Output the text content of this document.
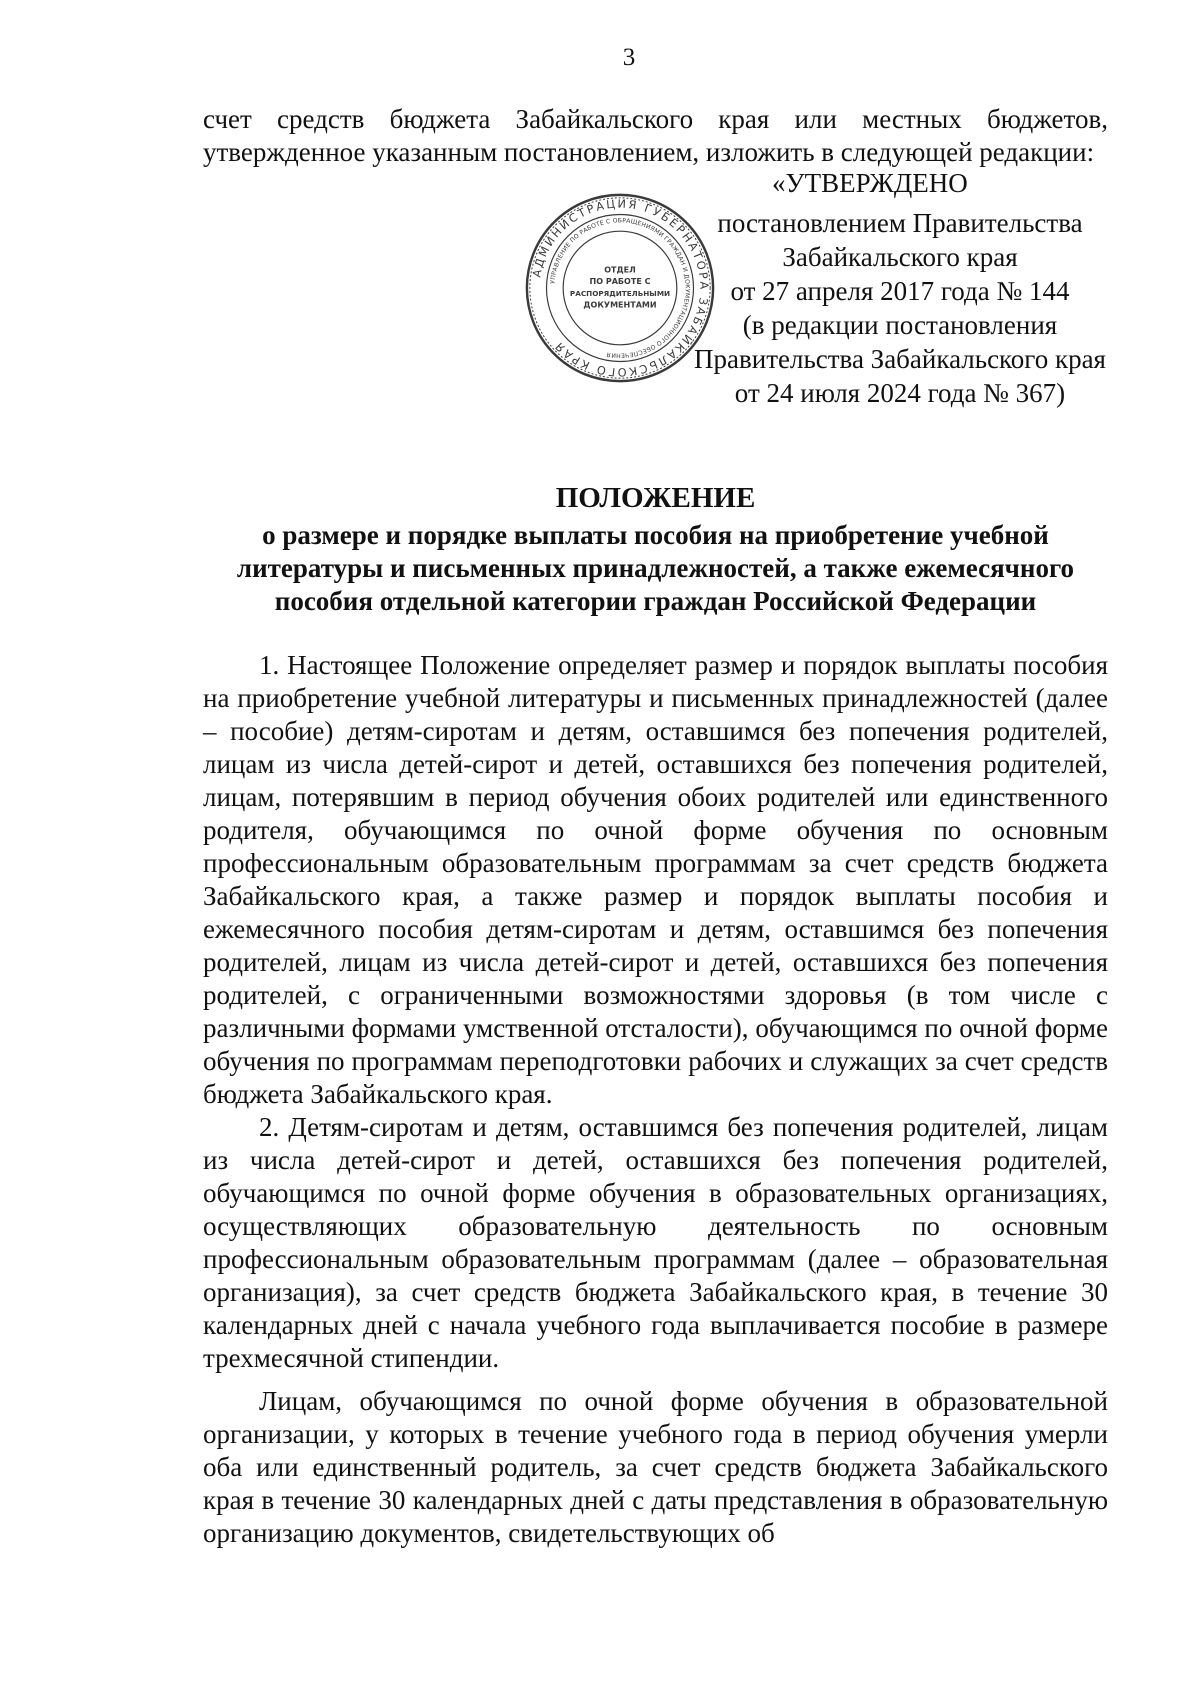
3
счет средств бюджета Забайкальского края или местных бюджетов, утвержденное указанным постановлением, изложить в следующей редакции:
АДМИНИСТРАЦИЯ ГУБЕРНАТОРА ЗАБАЙКАЛЬСКОГО КРАЯ
УПРАВЛЕНИЕ ПО РАБОТЕ С ОБРАЩЕНИЯМИ ГРАЖДАН И ДОКУМЕНТАЦИОННОГО ОБЕСПЕЧЕНИЯ
ОТДЕЛ
ПО РАБОТЕ С
РАСПОРЯДИТЕЛЬНЫМИ
ДОКУМЕНТАМИ
«УТВЕРЖДЕНО
постановлением Правительства
Забайкальского края
от 27 апреля 2017 года № 144
(в редакции постановления
Правительства Забайкальского края
от 24 июля 2024 года № 367)
ПОЛОЖЕНИЕ
о размере и порядке выплаты пособия на приобретение учебной литературы и письменных принадлежностей, а также ежемесячного пособия отдельной категории граждан Российской Федерации

1. Настоящее Положение определяет размер и порядок выплаты пособия на приобретение учебной литературы и письменных принадлежностей (далее – пособие) детям-сиротам и детям, оставшимся без попечения родителей, лицам из числа детей-сирот и детей, оставшихся без попечения родителей, лицам, потерявшим в период обучения обоих родителей или единственного родителя, обучающимся по очной форме обучения по основным профессиональным образовательным программам за счет средств бюджета Забайкальского края, а также размер и порядок выплаты пособия и ежемесячного пособия детям-сиротам и детям, оставшимся без попечения родителей, лицам из числа детей-сирот и детей, оставшихся без попечения родителей, с ограниченными возможностями здоровья (в том числе с различными формами умственной отсталости), обучающимся по очной форме обучения по программам переподготовки рабочих и служащих за счет средств бюджета Забайкальского края.

2. Детям-сиротам и детям, оставшимся без попечения родителей, лицам из числа детей-сирот и детей, оставшихся без попечения родителей, обучающимся по очной форме обучения в образовательных организациях, осуществляющих образовательную деятельность по основным профессиональным образовательным программам (далее – образовательная организация), за счет средств бюджета Забайкальского края, в течение 30 календарных дней с начала учебного года выплачивается пособие в размере трехмесячной стипендии.

Лицам, обучающимся по очной форме обучения в образовательной организации, у которых в течение учебного года в период обучения умерли оба или единственный родитель, за счет средств бюджета Забайкальского края в течение 30 календарных дней с даты представления в образовательную организацию документов, свидетельствующих об
